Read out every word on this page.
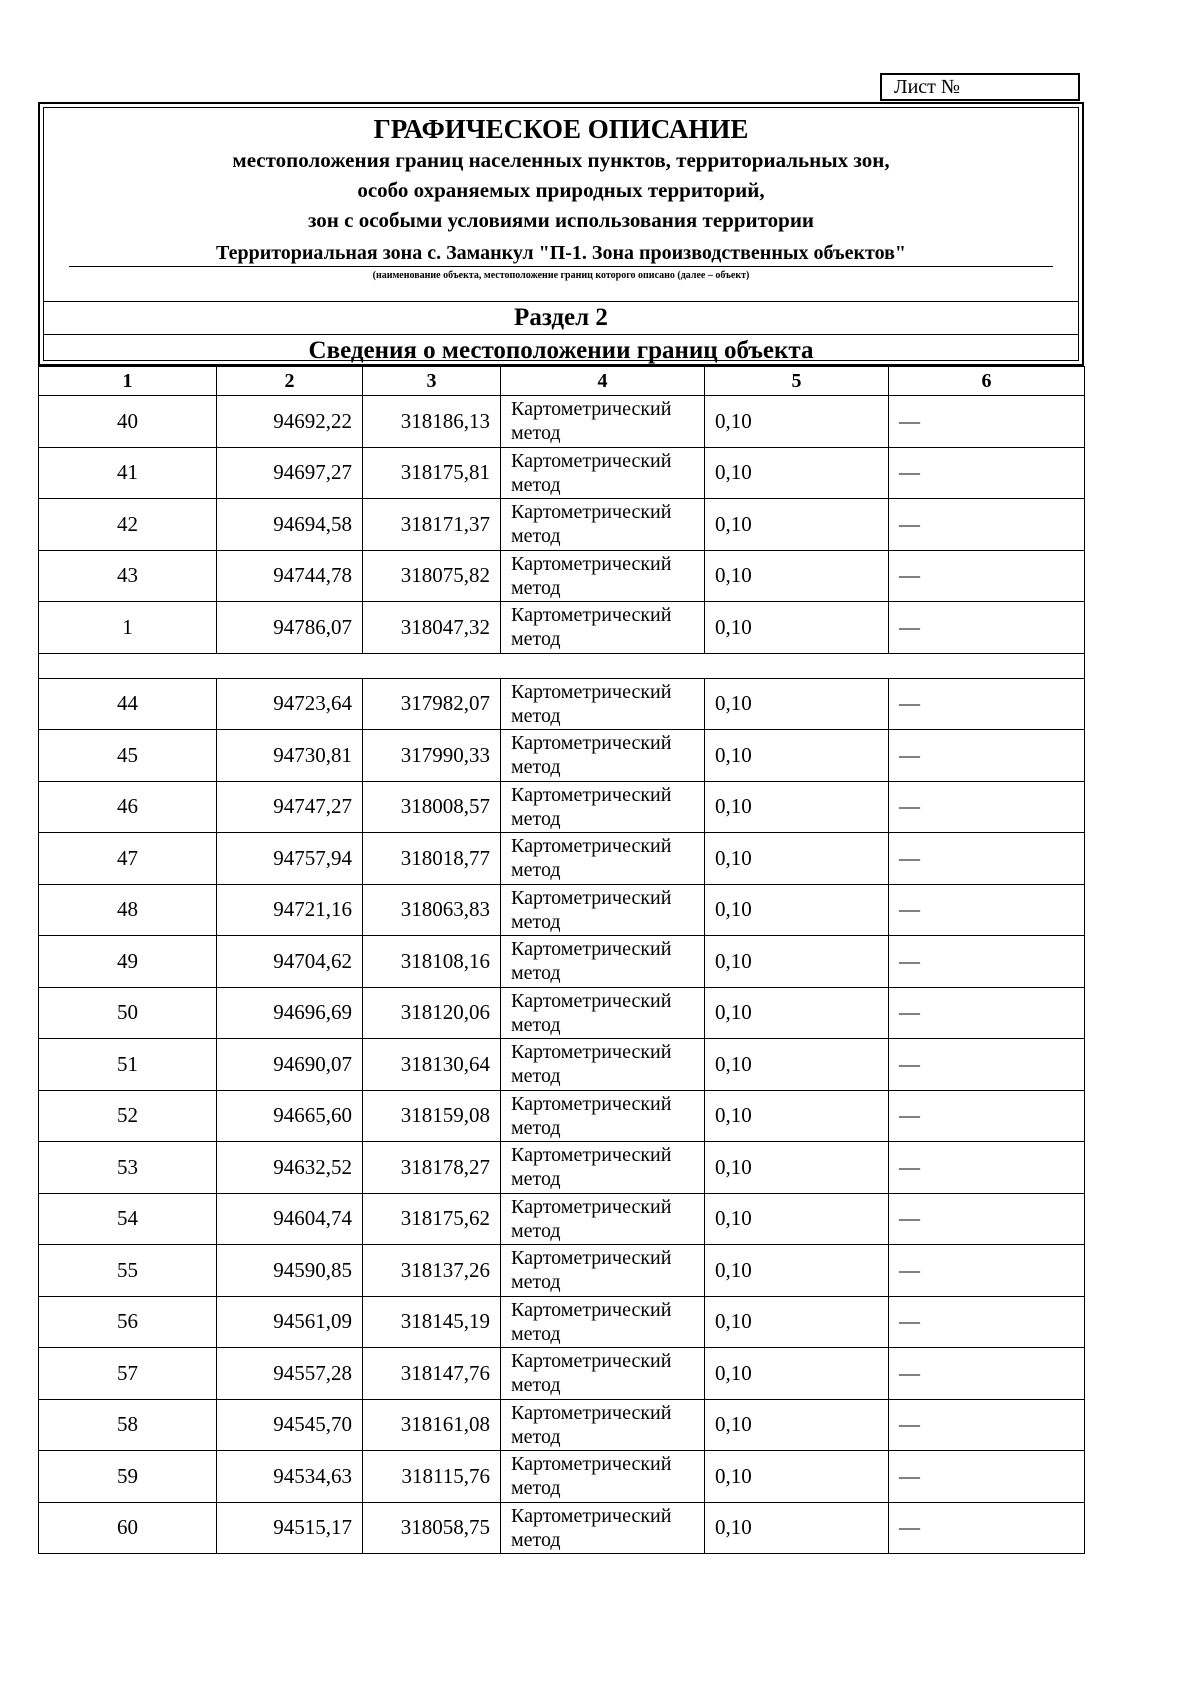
Лист №
ГРАФИЧЕСКОЕ ОПИСАНИЕ
местоположения границ населенных пунктов, территориальных зон,
особо охраняемых природных территорий,
зон с особыми условиями использования территории
Территориальная зона с. Заманкул "П-1. Зона производственных объектов"
(наименование объекта, местоположение границ которого описано (далее – объект)
Раздел 2
Сведения о местоположении границ объекта
1	2	3	4	5	6
40	94692,22	318186,13	Картометрический метод	0,10	—
41	94697,27	318175,81	Картометрический метод	0,10	—
42	94694,58	318171,37	Картометрический метод	0,10	—
43	94744,78	318075,82	Картометрический метод	0,10	—
1	94786,07	318047,32	Картометрический метод	0,10	—

44	94723,64	317982,07	Картометрический метод	0,10	—
45	94730,81	317990,33	Картометрический метод	0,10	—
46	94747,27	318008,57	Картометрический метод	0,10	—
47	94757,94	318018,77	Картометрический метод	0,10	—
48	94721,16	318063,83	Картометрический метод	0,10	—
49	94704,62	318108,16	Картометрический метод	0,10	—
50	94696,69	318120,06	Картометрический метод	0,10	—
51	94690,07	318130,64	Картометрический метод	0,10	—
52	94665,60	318159,08	Картометрический метод	0,10	—
53	94632,52	318178,27	Картометрический метод	0,10	—
54	94604,74	318175,62	Картометрический метод	0,10	—
55	94590,85	318137,26	Картометрический метод	0,10	—
56	94561,09	318145,19	Картометрический метод	0,10	—
57	94557,28	318147,76	Картометрический метод	0,10	—
58	94545,70	318161,08	Картометрический метод	0,10	—
59	94534,63	318115,76	Картометрический метод	0,10	—
60	94515,17	318058,75	Картометрический метод	0,10	—
